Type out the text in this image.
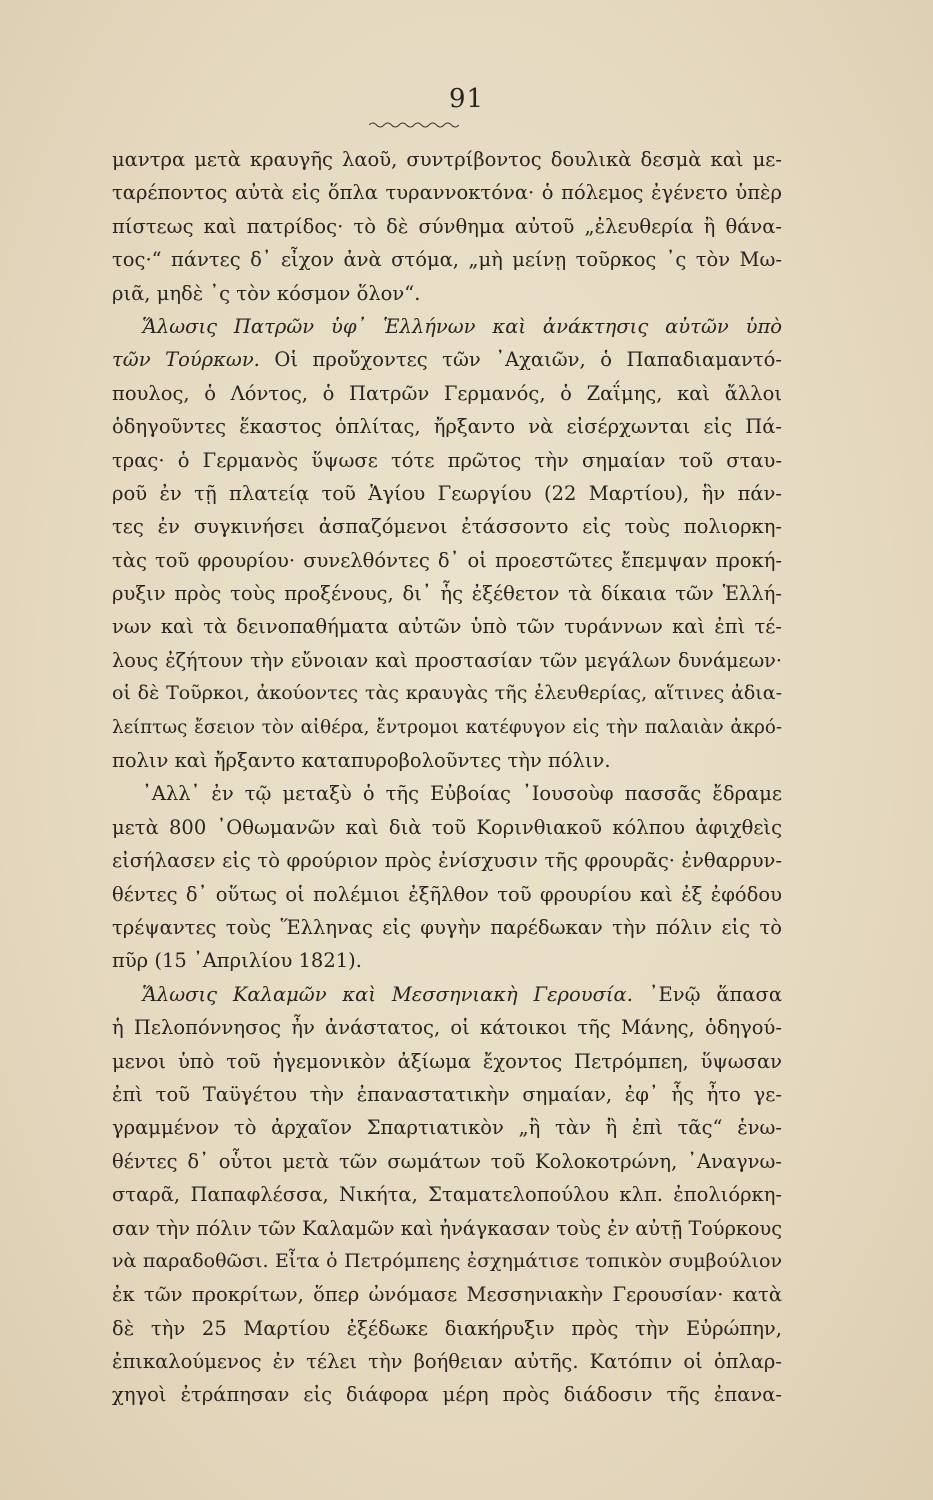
91
μαντρα μετὰ κραυγῆς λαοῦ, συντρίβοντος δουλικὰ δεσμὰ καὶ με-
ταρέποντος αὐτὰ εἰς ὅπλα τυραννοκτόνα· ὁ πόλεμος ἐγένετο ὑπὲρ
πίστεως καὶ πατρίδος· τὸ δὲ σύνθημα αὐτοῦ „ἐλευθερία ἢ θάνα-
τος·“ πάντες δ᾽ εἶχον ἀνὰ στόμα, „μὴ μείνῃ τοῦρκος ᾽ς τὸν Μω-
ριᾶ, μηδὲ ᾽ς τὸν κόσμον ὅλον“.
Ἅλωσις Πατρῶν ὑφ᾽ Ἑλλήνων καὶ ἀνάκτησις αὐτῶν ὑπὸ
τῶν Τούρκων. Οἱ προὔχοντες τῶν ᾽Αχαιῶν, ὁ Παπαδιαμαντό-
πουλος, ὁ Λόντος, ὁ Πατρῶν Γερμανός, ὁ Ζαΐμης, καὶ ἄλλοι
ὁδηγοῦντες ἕκαστος ὁπλίτας, ἤρξαντο νὰ εἰσέρχωνται εἰς Πά-
τρας· ὁ Γερμανὸς ὕψωσε τότε πρῶτος τὴν σημαίαν τοῦ σταυ-
ροῦ ἐν τῇ πλατείᾳ τοῦ Ἁγίου Γεωργίου (22 Μαρτίου), ἣν πάν-
τες ἐν συγκινήσει ἀσπαζόμενοι ἐτάσσοντο εἰς τοὺς πολιορκη-
τὰς τοῦ φρουρίου· συνελθόντες δ᾽ οἱ προεστῶτες ἔπεμψαν προκή-
ρυξιν πρὸς τοὺς προξένους, δι᾽ ἧς ἐξέθετον τὰ δίκαια τῶν Ἑλλή-
νων καὶ τὰ δεινοπαθήματα αὐτῶν ὑπὸ τῶν τυράννων καὶ ἐπὶ τέ-
λους ἐζήτουν τὴν εὔνοιαν καὶ προστασίαν τῶν μεγάλων δυνάμεων·
οἱ δὲ Τοῦρκοι, ἀκούοντες τὰς κραυγὰς τῆς ἐλευθερίας, αἵτινες ἀδια-
λείπτως ἔσειον τὸν αἰθέρα, ἔντρομοι κατέφυγον εἰς τὴν παλαιὰν ἀκρό-
πολιν καὶ ἤρξαντο καταπυροβολοῦντες τὴν πόλιν.
᾽Αλλ᾽ ἐν τῷ μεταξὺ ὁ τῆς Εὐβοίας ᾽Ιουσοὺφ πασσᾶς ἔδραμε
μετὰ 800 ᾽Οθωμανῶν καὶ διὰ τοῦ Κορινθιακοῦ κόλπου ἀφιχθεὶς
εἰσήλασεν εἰς τὸ φρούριον πρὸς ἐνίσχυσιν τῆς φρουρᾶς· ἐνθαρρυν-
θέντες δ᾽ οὕτως οἱ πολέμιοι ἐξῆλθον τοῦ φρουρίου καὶ ἐξ ἐφόδου
τρέψαντες τοὺς Ἕλληνας εἰς φυγὴν παρέδωκαν τὴν πόλιν εἰς τὸ
πῦρ (15 ᾽Απριλίου 1821).
Ἅλωσις Καλαμῶν καὶ Μεσσηνιακὴ Γερουσία. ᾽Ενῷ ἅπασα
ἡ Πελοπόννησος ἦν ἀνάστατος, οἱ κάτοικοι τῆς Μάνης, ὁδηγού-
μενοι ὑπὸ τοῦ ἡγεμονικὸν ἀξίωμα ἔχοντος Πετρόμπεη, ὕψωσαν
ἐπὶ τοῦ Ταϋγέτου τὴν ἐπαναστατικὴν σημαίαν, ἐφ᾽ ἧς ἦτο γε-
γραμμένον τὸ ἀρχαῖον Σπαρτιατικὸν „ἢ τὰν ἢ ἐπὶ τᾶς“ ἑνω-
θέντες δ᾽ οὗτοι μετὰ τῶν σωμάτων τοῦ Κολοκοτρώνη, ᾽Αναγνω-
σταρᾶ, Παπαφλέσσα, Νικήτα, Σταματελοπούλου κλπ. ἐπολιόρκη-
σαν τὴν πόλιν τῶν Καλαμῶν καὶ ἠνάγκασαν τοὺς ἐν αὐτῇ Τούρκους
νὰ παραδοθῶσι. Εἶτα ὁ Πετρόμπεης ἐσχημάτισε τοπικὸν συμβούλιον
ἐκ τῶν προκρίτων, ὅπερ ὠνόμασε Μεσσηνιακὴν Γερουσίαν· κατὰ
δὲ τὴν 25 Μαρτίου ἐξέδωκε διακήρυξιν πρὸς τὴν Εὐρώπην,
ἐπικαλούμενος ἐν τέλει τὴν βοήθειαν αὐτῆς. Κατόπιν οἱ ὁπλαρ-
χηγοὶ ἐτράπησαν εἰς διάφορα μέρη πρὸς διάδοσιν τῆς ἐπανα-
